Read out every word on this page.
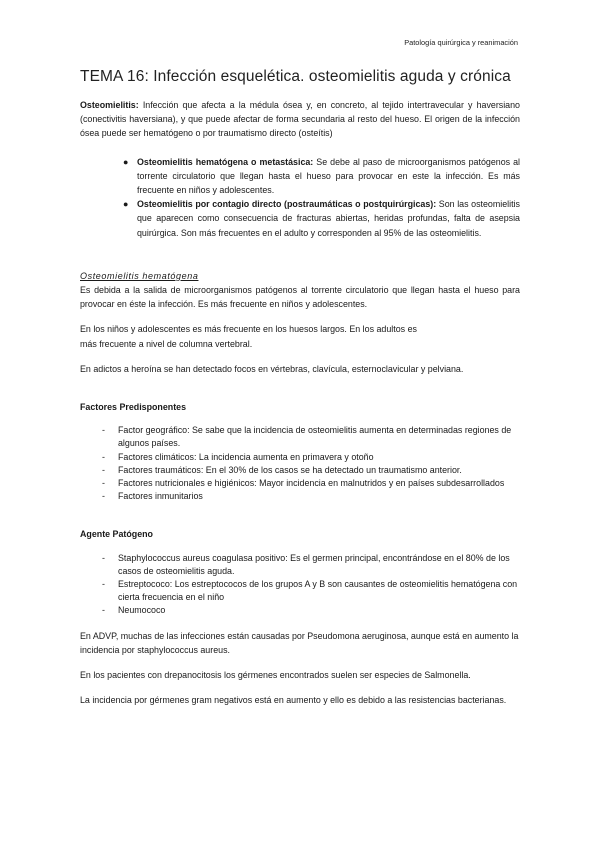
Patología quirúrgica y reanimación
TEMA 16: Infección esquelética. osteomielitis aguda y crónica

Osteomielitis: Infección que afecta a la médula ósea y, en concreto, al tejido intertravecular y haversiano (conectivitis haversiana), y que puede afectar de forma secundaria al resto del hueso. El origen de la infección ósea puede ser hematógeno o por traumatismo directo (osteítis)

● Osteomielitis hematógena o metastásica: Se debe al paso de microorganismos patógenos al torrente circulatorio que llegan hasta el hueso para provocar en este la infección. Es más frecuente en niños y adolescentes.
● Osteomielitis por contagio directo (postraumáticas o postquirúrgicas): Son las osteomielitis que aparecen como consecuencia de fracturas abiertas, heridas profundas, falta de asepsia quirúrgica. Son más frecuentes en el adulto y corresponden al 95% de las osteomielitis.

Osteomielitis hematógena

Es debida a la salida de microorganismos patógenos al torrente circulatorio que llegan hasta el hueso para provocar en éste la infección. Es más frecuente en niños y adolescentes.

En los niños y adolescentes es más frecuente en los huesos largos. En los adultos es
más frecuente a nivel de columna vertebral.

En adictos a heroína se han detectado focos en vértebras, clavícula, esternoclavicular y pelviana.

Factores Predisponentes

- Factor geográfico: Se sabe que la incidencia de osteomielitis aumenta en determinadas regiones de algunos países.
- Factores climáticos: La incidencia aumenta en primavera y otoño
- Factores traumáticos: En el 30% de los casos se ha detectado un traumatismo anterior.
- Factores nutricionales e higiénicos: Mayor incidencia en malnutridos y en países subdesarrollados
- Factores inmunitarios

Agente Patógeno

- Staphylococcus aureus coagulasa positivo: Es el germen principal, encontrándose en el 80% de los casos de osteomielitis aguda.
- Estreptococo: Los estreptococos de los grupos A y B son causantes de osteomielitis hematógena con cierta frecuencia en el niño
- Neumococo

En ADVP, muchas de las infecciones están causadas por Pseudomona aeruginosa, aunque está en aumento la incidencia por staphylococcus aureus.

En los pacientes con drepanocitosis los gérmenes encontrados suelen ser especies de Salmonella.

La incidencia por gérmenes gram negativos está en aumento y ello es debido a las resistencias bacterianas.
